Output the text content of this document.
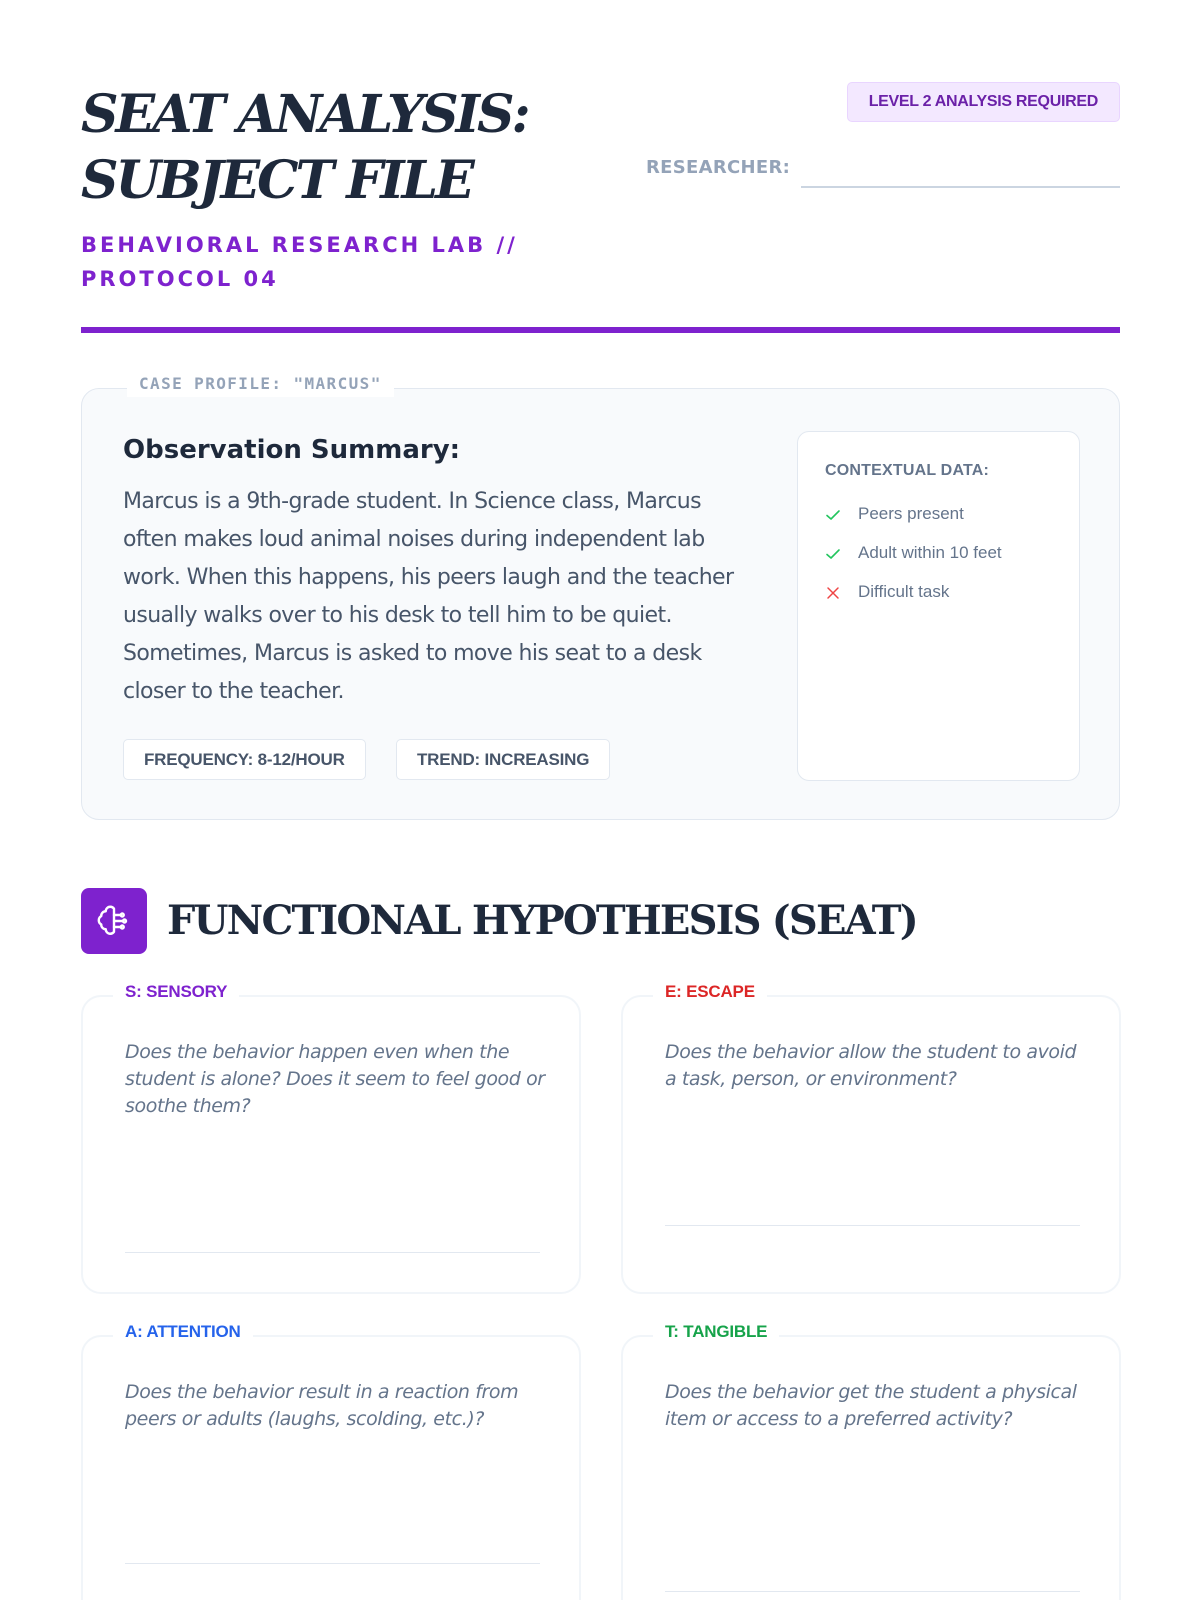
SEAT ANALYSIS: SUBJECT FILE
BEHAVIORAL RESEARCH LAB // PROTOCOL 04
LEVEL 2 ANALYSIS REQUIRED
RESEARCHER:
CASE PROFILE: "MARCUS"
Observation Summary:

Marcus is a 9th-grade student. In Science class, Marcus often makes loud animal noises during independent lab work. When this happens, his peers laugh and the teacher usually walks over to his desk to tell him to be quiet. Sometimes, Marcus is asked to move his seat to a desk closer to the teacher.

FREQUENCY: 8-12/HOUR	TREND: INCREASING
CONTEXTUAL DATA:
Peers present
Adult within 10 feet
Difficult task
FUNCTIONAL HYPOTHESIS (SEAT)
S: SENSORY

Does the behavior happen even when the student is alone? Does it seem to feel good or soothe them?

E: ESCAPE

Does the behavior allow the student to avoid a task, person, or environment?

A: ATTENTION

Does the behavior result in a reaction from peers or adults (laughs, scolding, etc.)?

T: TANGIBLE

Does the behavior get the student a physical item or access to a preferred activity?
